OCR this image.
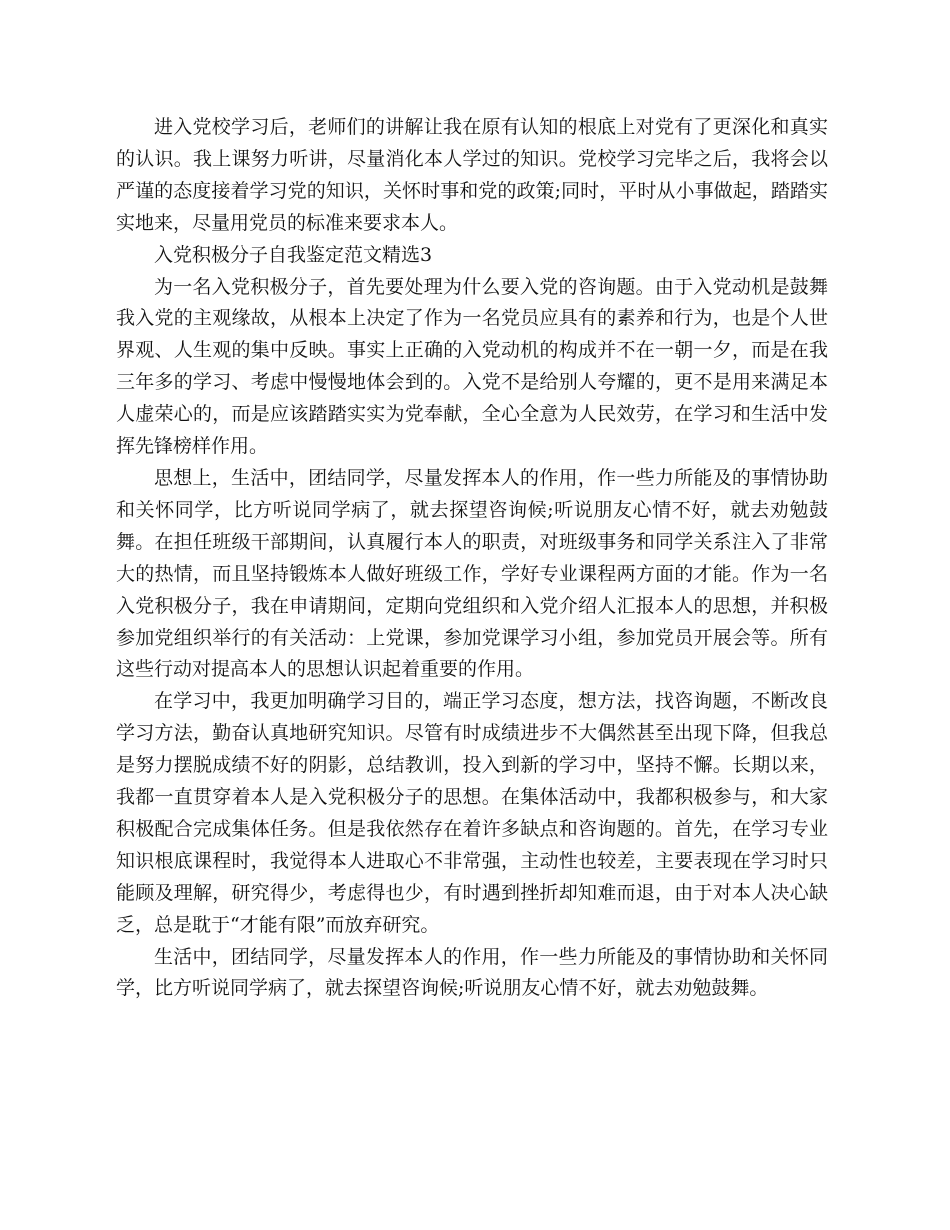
进入党校学习后，老师们的讲解让我在原有认知的根底上对党有了更深化和真实的认识。我上课努力听讲，尽量消化本人学过的知识。党校学习完毕之后，我将会以严谨的态度接着学习党的知识，关怀时事和党的政策;同时，平时从小事做起，踏踏实实地来，尽量用党员的标准来要求本人。

入党积极分子自我鉴定范文精选3

为一名入党积极分子，首先要处理为什么要入党的咨询题。由于入党动机是鼓舞我入党的主观缘故，从根本上决定了作为一名党员应具有的素养和行为，也是个人世界观、人生观的集中反映。事实上正确的入党动机的构成并不在一朝一夕，而是在我三年多的学习、考虑中慢慢地体会到的。入党不是给别人夸耀的，更不是用来满足本人虚荣心的，而是应该踏踏实实为党奉献，全心全意为人民效劳，在学习和生活中发挥先锋榜样作用。

思想上，生活中，团结同学，尽量发挥本人的作用，作一些力所能及的事情协助和关怀同学，比方听说同学病了，就去探望咨询候;听说朋友心情不好，就去劝勉鼓舞。在担任班级干部期间，认真履行本人的职责，对班级事务和同学关系注入了非常大的热情，而且坚持锻炼本人做好班级工作，学好专业课程两方面的才能。作为一名入党积极分子，我在申请期间，定期向党组织和入党介绍人汇报本人的思想，并积极参加党组织举行的有关活动：上党课，参加党课学习小组，参加党员开展会等。所有这些行动对提高本人的思想认识起着重要的作用。

在学习中，我更加明确学习目的，端正学习态度，想方法，找咨询题，不断改良学习方法，勤奋认真地研究知识。尽管有时成绩进步不大偶然甚至出现下降，但我总是努力摆脱成绩不好的阴影，总结教训，投入到新的学习中，坚持不懈。长期以来，我都一直贯穿着本人是入党积极分子的思想。在集体活动中，我都积极参与，和大家积极配合完成集体任务。但是我依然存在着许多缺点和咨询题的。首先，在学习专业知识根底课程时，我觉得本人进取心不非常强，主动性也较差，主要表现在学习时只能顾及理解，研究得少，考虑得也少，有时遇到挫折却知难而退，由于对本人决心缺乏，总是耽于“才能有限”而放弃研究。

生活中，团结同学，尽量发挥本人的作用，作一些力所能及的事情协助和关怀同学，比方听说同学病了，就去探望咨询候;听说朋友心情不好，就去劝勉鼓舞。
